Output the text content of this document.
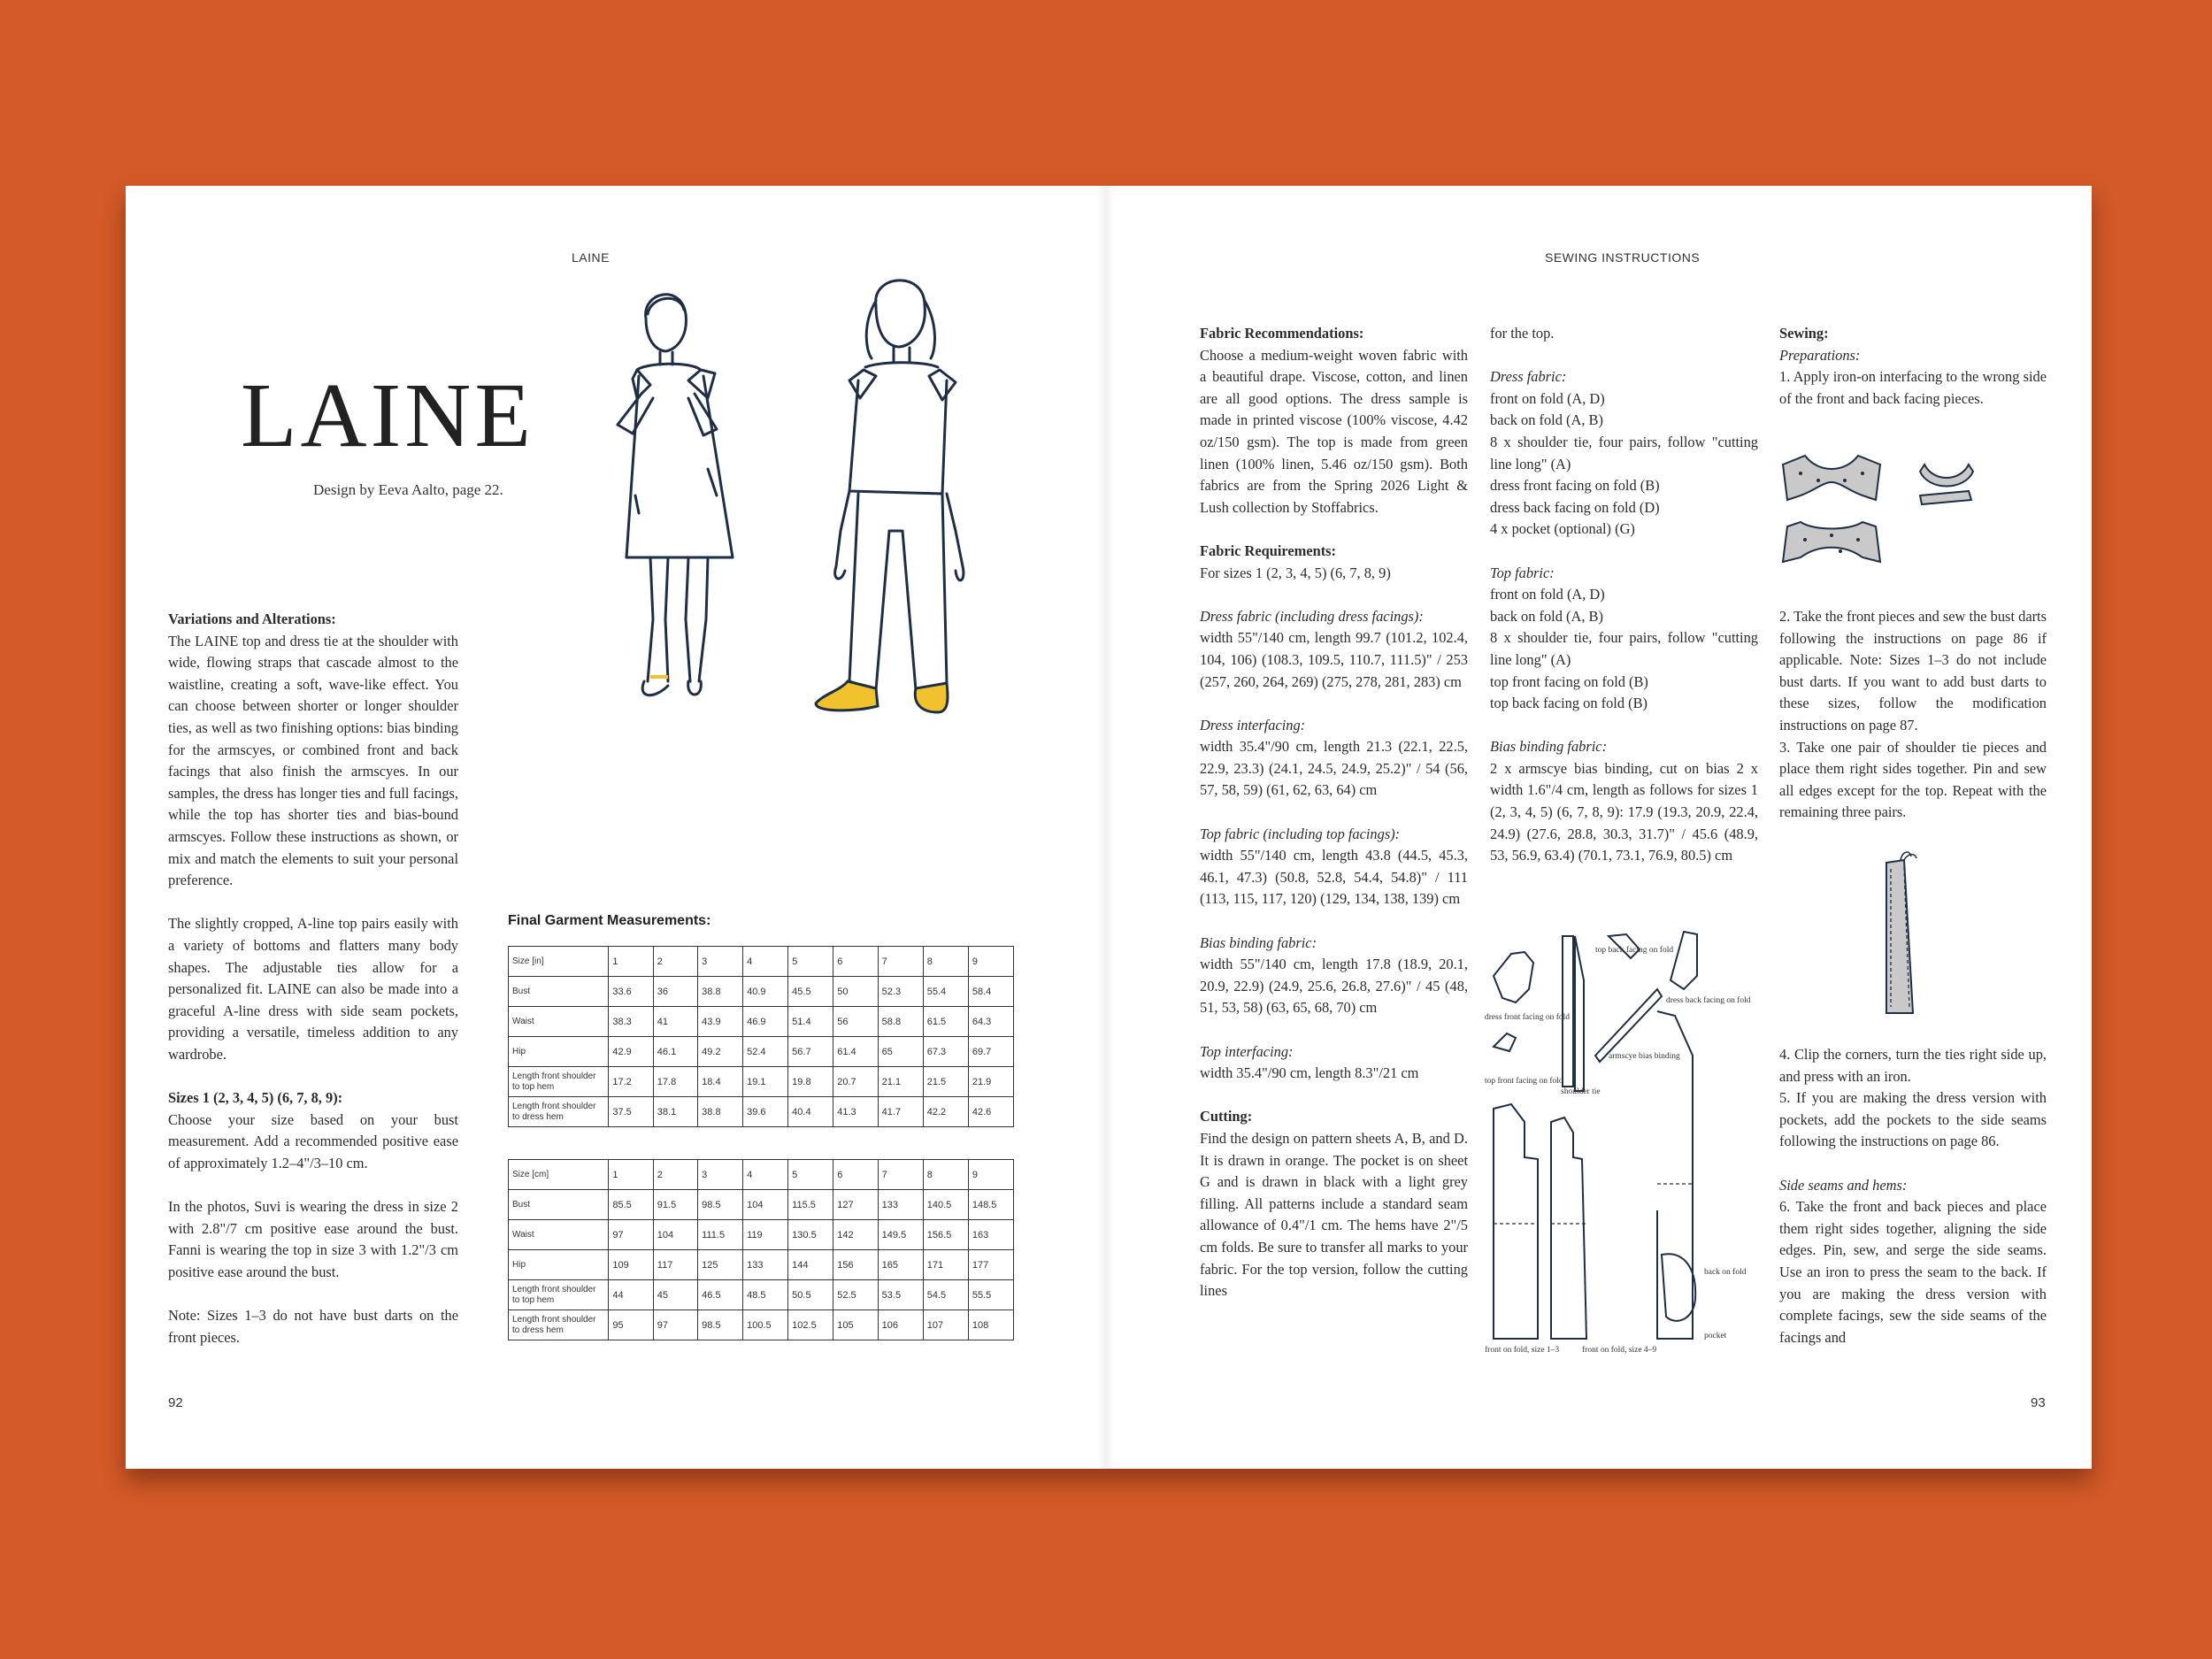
LAINE
LAINE
Design by Eeva Aalto, page 22.
Variations and Alterations:

The LAINE top and dress tie at the shoulder with wide, flowing straps that cascade almost to the waistline, creating a soft, wave-like effect. You can choose between shorter or longer shoulder ties, as well as two finishing options: bias binding for the armscyes, or combined front and back facings that also finish the armscyes. In our samples, the dress has longer ties and full facings, while the top has shorter ties and bias-bound armscyes. Follow these instructions as shown, or mix and match the elements to suit your personal preference.

The slightly cropped, A-line top pairs easily with a variety of bottoms and flatters many body shapes. The adjustable ties allow for a personalized fit. LAINE can also be made into a graceful A-line dress with side seam pockets, providing a versatile, timeless addition to any wardrobe.

Sizes 1 (2, 3, 4, 5) (6, 7, 8, 9):

Choose your size based on your bust measurement. Add a recommended positive ease of approximately 1.2–4"/3–10 cm.

In the photos, Suvi is wearing the dress in size 2 with 2.8"/7 cm positive ease around the bust. Fanni is wearing the top in size 3 with 1.2"/3 cm positive ease around the bust.

Note: Sizes 1–3 do not have bust darts on the front pieces.

92
Final Garment Measurements:
Size [in]	1	2	3	4	5	6	7	8	9
Bust	33.6	36	38.8	40.9	45.5	50	52.3	55.4	58.4
Waist	38.3	41	43.9	46.9	51.4	56	58.8	61.5	64.3
Hip	42.9	46.1	49.2	52.4	56.7	61.4	65	67.3	69.7
Length front shoulder to top hem	17.2	17.8	18.4	19.1	19.8	20.7	21.1	21.5	21.9
Length front shoulder to dress hem	37.5	38.1	38.8	39.6	40.4	41.3	41.7	42.2	42.6

Size [cm]	1	2	3	4	5	6	7	8	9
Bust	85.5	91.5	98.5	104	115.5	127	133	140.5	148.5
Waist	97	104	111.5	119	130.5	142	149.5	156.5	163
Hip	109	117	125	133	144	156	165	171	177
Length front shoulder to top hem	44	45	46.5	48.5	50.5	52.5	53.5	54.5	55.5
Length front shoulder to dress hem	95	97	98.5	100.5	102.5	105	106	107	108
SEWING INSTRUCTIONS
Fabric Recommendations:

Choose a medium-weight woven fabric with a beautiful drape. Viscose, cotton, and linen are all good options. The dress sample is made in printed viscose (100% viscose, 4.42 oz/150 gsm). The top is made from green linen (100% linen, 5.46 oz/150 gsm). Both fabrics are from the Spring 2026 Light & Lush collection by Stoffabrics.

Fabric Requirements:

For sizes 1 (2, 3, 4, 5) (6, 7, 8, 9)

Dress fabric (including dress facings):

width 55"/140 cm, length 99.7 (101.2, 102.4, 104, 106) (108.3, 109.5, 110.7, 111.5)" / 253 (257, 260, 264, 269) (275, 278, 281, 283) cm

Dress interfacing:

width 35.4"/90 cm, length 21.3 (22.1, 22.5, 22.9, 23.3) (24.1, 24.5, 24.9, 25.2)" / 54 (56, 57, 58, 59) (61, 62, 63, 64) cm

Top fabric (including top facings):

width 55"/140 cm, length 43.8 (44.5, 45.3, 46.1, 47.3) (50.8, 52.8, 54.4, 54.8)" / 111 (113, 115, 117, 120) (129, 134, 138, 139) cm

Bias binding fabric:

width 55"/140 cm, length 17.8 (18.9, 20.1, 20.9, 22.9) (24.9, 25.6, 26.8, 27.6)" / 45 (48, 51, 53, 58) (63, 65, 68, 70) cm

Top interfacing:

width 35.4"/90 cm, length 8.3"/21 cm

Cutting:

Find the design on pattern sheets A, B, and D. It is drawn in orange. The pocket is on sheet G and is drawn in black with a light grey filling. All patterns include a standard seam allowance of 0.4"/1 cm. The hems have 2"/5 cm folds. Be sure to transfer all marks to your fabric. For the top version, follow the cutting lines

for the top.

Dress fabric:
front on fold (A, D)
back on fold (A, B)
8 x shoulder tie, four pairs, follow "cutting line long" (A)
dress front facing on fold (B)
dress back facing on fold (D)

4 x pocket (optional) (G)

Top fabric:
front on fold (A, D)
back on fold (A, B)
8 x shoulder tie, four pairs, follow "cutting line long" (A)
top front facing on fold (B)

top back facing on fold (B)

Bias binding fabric:

2 x armscye bias binding, cut on bias 2 x width 1.6"/4 cm, length as follows for sizes 1 (2, 3, 4, 5) (6, 7, 8, 9): 17.9 (19.3, 20.9, 22.4, 24.9) (27.6, 28.8, 30.3, 31.7)" / 45.6 (48.9, 53, 56.9, 63.4) (70.1, 73.1, 76.9, 80.5) cm

top back facing on fold
dress back facing on fold
dress front facing on fold
armscye bias binding
top front facing on fold
shoulder tie
back on fold
pocket
front on fold, size 1–3	front on fold, size 4–9
Sewing:
Preparations:

1. Apply iron-on interfacing to the wrong side of the front and back facing pieces.

2. Take the front pieces and sew the bust darts following the instructions on page 86 if applicable. Note: Sizes 1–3 do not include bust darts. If you want to add bust darts to these sizes, follow the modification instructions on page 87.
3. Take one pair of shoulder tie pieces and place them right sides together. Pin and sew all edges except for the top. Repeat with the remaining three pairs.
4. Clip the corners, turn the ties right side up, and press with an iron.

5. If you are making the dress version with pockets, add the pockets to the side seams following the instructions on page 86.

Side seams and hems:

6. Take the front and back pieces and place them right sides together, aligning the side edges. Pin, sew, and serge the side seams. Use an iron to press the seam to the back. If you are making the dress version with complete facings, sew the side seams of the facings and

93
